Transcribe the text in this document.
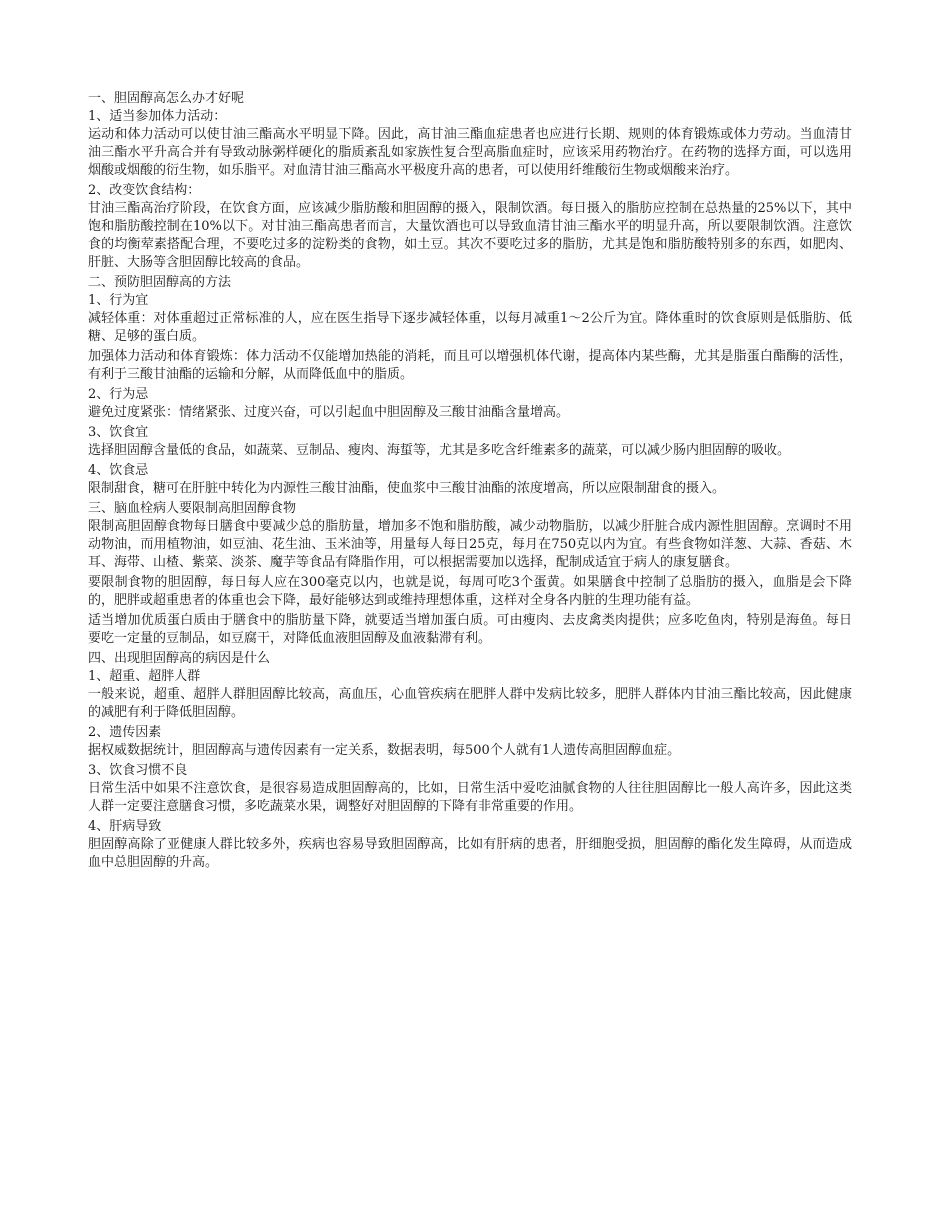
一、胆固醇高怎么办才好呢
1、适当参加体力活动：

运动和体力活动可以使甘油三酯高水平明显下降。因此，高甘油三酯血症患者也应进行长期、规则的体育锻炼或体力劳动。当血清甘油三酯水平升高合并有导致动脉粥样硬化的脂质紊乱如家族性复合型高脂血症时，应该采用药物治疗。在药物的选择方面，可以选用烟酸或烟酸的衍生物，如乐脂平。对血清甘油三酯高水平极度升高的患者，可以使用纤维酸衍生物或烟酸来治疗。

2、改变饮食结构：

甘油三酯高治疗阶段，在饮食方面，应该减少脂肪酸和胆固醇的摄入，限制饮酒。每日摄入的脂肪应控制在总热量的25%以下，其中饱和脂肪酸控制在10%以下。对甘油三酯高患者而言，大量饮酒也可以导致血清甘油三酯水平的明显升高，所以要限制饮酒。注意饮食的均衡荤素搭配合理，不要吃过多的淀粉类的食物，如土豆。其次不要吃过多的脂肪，尤其是饱和脂肪酸特别多的东西，如肥肉、肝脏、大肠等含胆固醇比较高的食品。

二、预防胆固醇高的方法
1、行为宜

减轻体重：对体重超过正常标准的人，应在医生指导下逐步减轻体重，以每月减重1～2公斤为宜。降体重时的饮食原则是低脂肪、低糖、足够的蛋白质。

加强体力活动和体育锻炼：体力活动不仅能增加热能的消耗，而且可以增强机体代谢，提高体内某些酶，尤其是脂蛋白酯酶的活性，有利于三酸甘油酯的运输和分解，从而降低血中的脂质。

2、行为忌

避免过度紧张：情绪紧张、过度兴奋，可以引起血中胆固醇及三酸甘油酯含量增高。

3、饮食宜

选择胆固醇含量低的食品，如蔬菜、豆制品、瘦肉、海蜇等，尤其是多吃含纤维素多的蔬菜，可以减少肠内胆固醇的吸收。

4、饮食忌

限制甜食，糖可在肝脏中转化为内源性三酸甘油酯，使血浆中三酸甘油酯的浓度增高，所以应限制甜食的摄入。

三、脑血栓病人要限制高胆固醇食物

限制高胆固醇食物每日膳食中要减少总的脂肪量，增加多不饱和脂肪酸，减少动物脂肪，以减少肝脏合成内源性胆固醇。烹调时不用动物油，而用植物油，如豆油、花生油、玉米油等，用量每人每日25克，每月在750克以内为宜。有些食物如洋葱、大蒜、香菇、木耳、海带、山楂、紫菜、淡茶、魔芋等食品有降脂作用，可以根据需要加以选择，配制成适宜于病人的康复膳食。

要限制食物的胆固醇，每日每人应在300毫克以内，也就是说，每周可吃3个蛋黄。如果膳食中控制了总脂肪的摄入，血脂是会下降的，肥胖或超重患者的体重也会下降，最好能够达到或维持理想体重，这样对全身各内脏的生理功能有益。

适当增加优质蛋白质由于膳食中的脂肪量下降，就要适当增加蛋白质。可由瘦肉、去皮禽类肉提供；应多吃鱼肉，特别是海鱼。每日要吃一定量的豆制品，如豆腐干，对降低血液胆固醇及血液黏滞有利。

四、出现胆固醇高的病因是什么
1、超重、超胖人群

一般来说，超重、超胖人群胆固醇比较高，高血压，心血管疾病在肥胖人群中发病比较多，肥胖人群体内甘油三酯比较高，因此健康的减肥有利于降低胆固醇。

2、遗传因素

据权威数据统计，胆固醇高与遗传因素有一定关系，数据表明，每500个人就有1人遗传高胆固醇血症。

3、饮食习惯不良

日常生活中如果不注意饮食，是很容易造成胆固醇高的，比如，日常生活中爱吃油腻食物的人往往胆固醇比一般人高许多，因此这类人群一定要注意膳食习惯，多吃蔬菜水果，调整好对胆固醇的下降有非常重要的作用。

4、肝病导致

胆固醇高除了亚健康人群比较多外，疾病也容易导致胆固醇高，比如有肝病的患者，肝细胞受损，胆固醇的酯化发生障碍，从而造成血中总胆固醇的升高。
